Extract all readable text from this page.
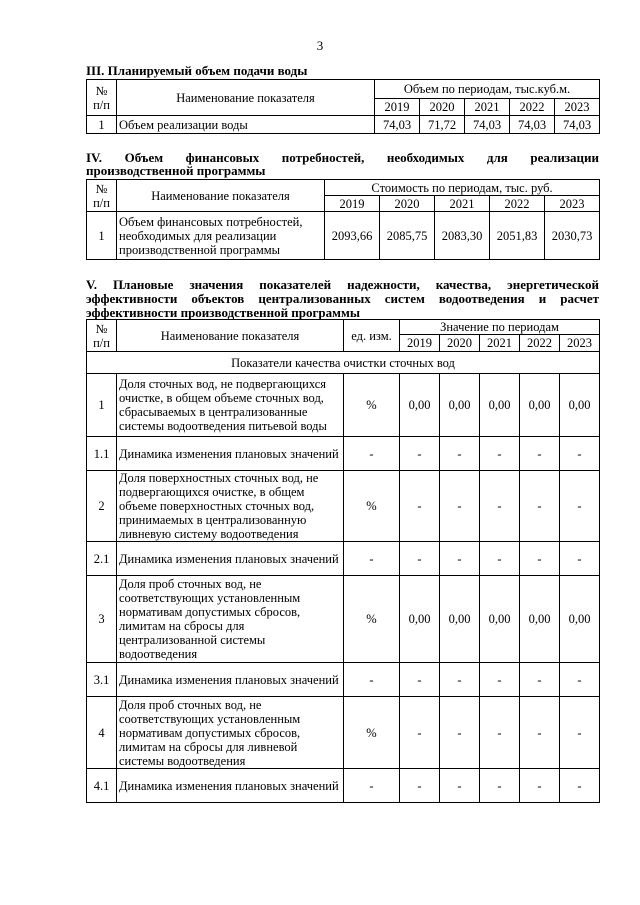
3
III. Планируемый объем подачи воды
№
п/п	Наименование показателя	Объем по периодам, тыс.куб.м.				
		2019	2020	2021	2022	2023
1	Объем реализации воды	74,03	71,72	74,03	74,03	74,03
IV. Объем финансовых потребностей, необходимых для реализации
производственной программы
№
п/п	Наименование показателя	Стоимость по периодам, тыс. руб.				
		2019	2020	2021	2022	2023
1	Объем финансовых потребностей, необходимых для реализации производственной программы	2093,66	2085,75	2083,30	2051,83	2030,73
V. Плановые значения показателей надежности, качества, энергетической
эффективности объектов централизованных систем водоотведения и расчет
эффективности производственной программы
№
п/п	Наименование показателя	ед. изм.	Значение по периодам				
			2019	2020	2021	2022	2023
Показатели качества очистки сточных вод							
1	Доля сточных вод, не подвергающихся очистке, в общем объеме сточных вод, сбрасываемых в централизованные системы водоотведения питьевой воды	%	0,00	0,00	0,00	0,00	0,00
1.1	Динамика изменения плановых значений	-	-	-	-	-	-
2	Доля поверхностных сточных вод, не подвергающихся очистке, в общем объеме поверхностных сточных вод, принимаемых в централизованную ливневую систему водоотведения	%	-	-	-	-	-
2.1	Динамика изменения плановых значений	-	-	-	-	-	-
3	Доля проб сточных вод, не соответствующих установленным нормативам допустимых сбросов, лимитам на сбросы для централизованной системы водоотведения	%	0,00	0,00	0,00	0,00	0,00
3.1	Динамика изменения плановых значений	-	-	-	-	-	-
4	Доля проб сточных вод, не соответствующих установленным нормативам допустимых сбросов, лимитам на сбросы для ливневой системы водоотведения	%	-	-	-	-	-
4.1	Динамика изменения плановых значений	-	-	-	-	-	-
